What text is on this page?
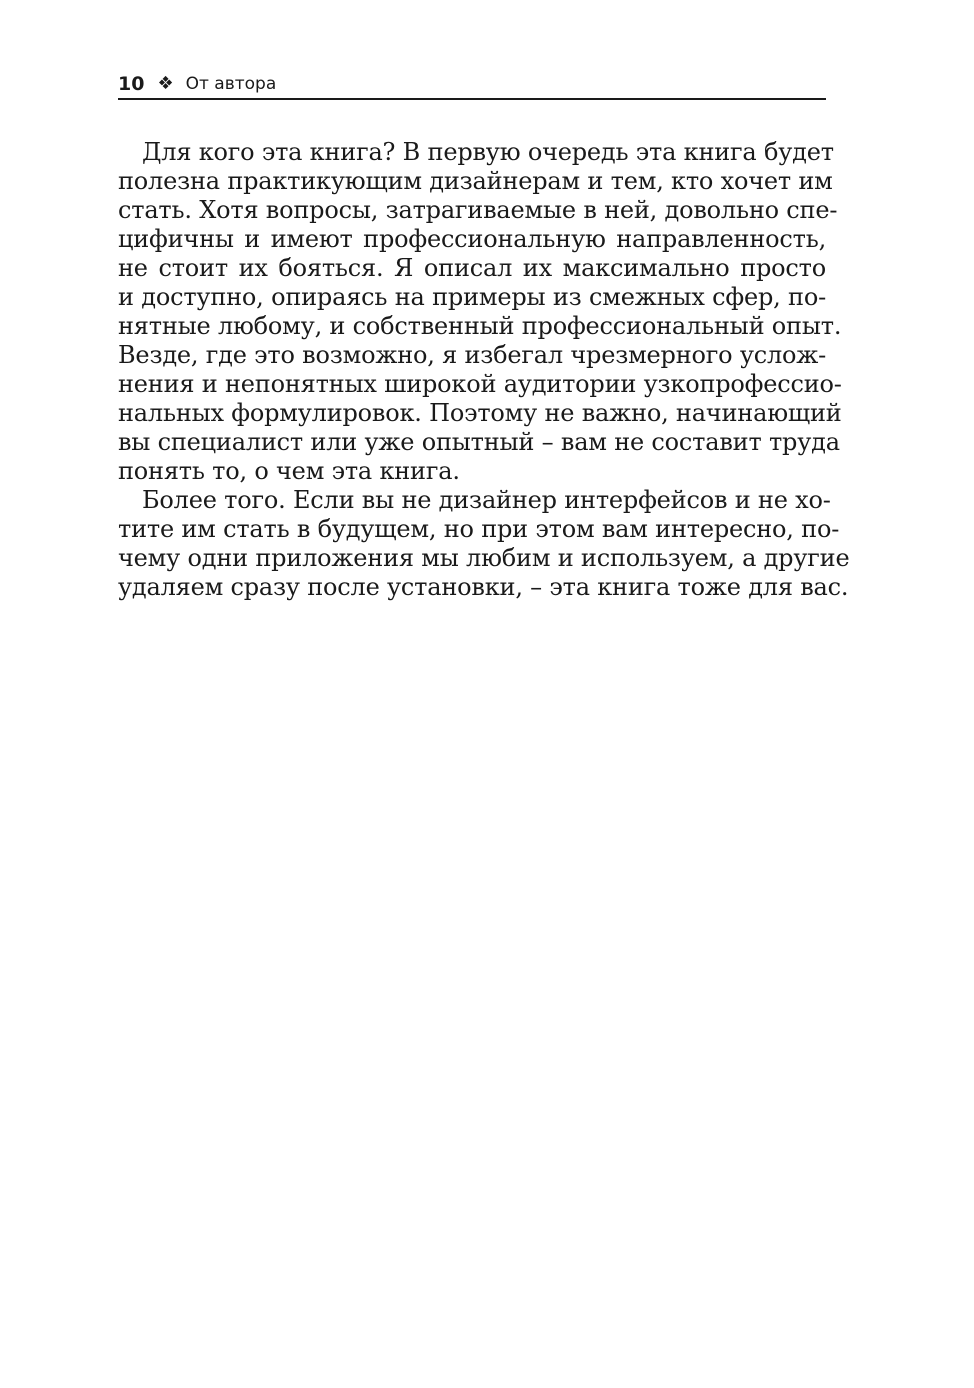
10 ❖ От автора

Для кого эта книга? В первую очередь эта книга будет
полезна практикующим дизайнерам и тем, кто хочет им
стать. Хотя вопросы, затрагиваемые в ней, довольно спе-
цифичны и имеют профессиональную направленность,
не стоит их бояться. Я описал их максимально просто
и доступно, опираясь на примеры из смежных сфер, по-
нятные любому, и собственный профессиональный опыт.
Везде, где это возможно, я избегал чрезмерного услож-
нения и непонятных широкой аудитории узкопрофессио-
нальных формулировок. Поэтому не важно, начинающий
вы специалист или уже опытный – вам не составит труда
понять то, о чем эта книга.

Более того. Если вы не дизайнер интерфейсов и не хо-
тите им стать в будущем, но при этом вам интересно, по-
чему одни приложения мы любим и используем, а другие
удаляем сразу после установки, – эта книга тоже для вас.
